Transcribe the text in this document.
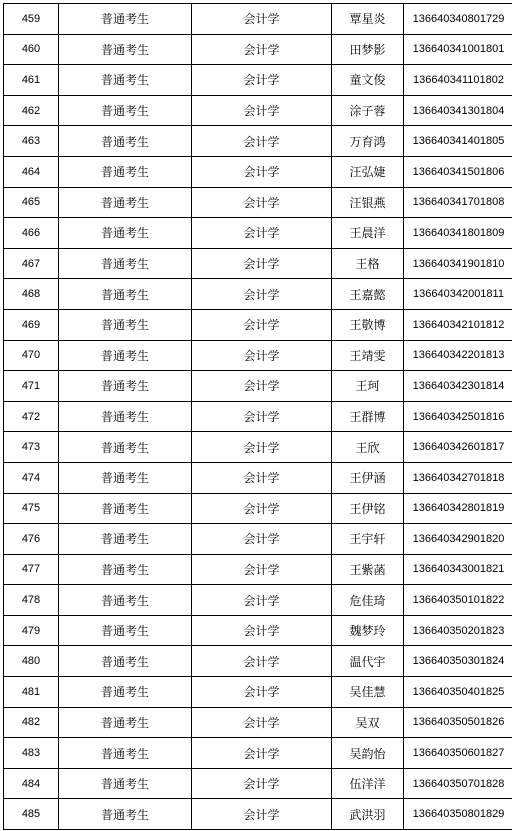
459	普通考生	会计学	覃星炎	136640340801729
460	普通考生	会计学	田梦影	136640341001801
461	普通考生	会计学	童文俊	136640341101802
462	普通考生	会计学	涂子蓉	136640341301804
463	普通考生	会计学	万育鸿	136640341401805
464	普通考生	会计学	汪弘婕	136640341501806
465	普通考生	会计学	汪银燕	136640341701808
466	普通考生	会计学	王晨洋	136640341801809
467	普通考生	会计学	王格	136640341901810
468	普通考生	会计学	王嘉懿	136640342001811
469	普通考生	会计学	王敬博	136640342101812
470	普通考生	会计学	王靖雯	136640342201813
471	普通考生	会计学	王珂	136640342301814
472	普通考生	会计学	王群博	136640342501816
473	普通考生	会计学	王欣	136640342601817
474	普通考生	会计学	王伊涵	136640342701818
475	普通考生	会计学	王伊铭	136640342801819
476	普通考生	会计学	王宇轩	136640342901820
477	普通考生	会计学	王紫菡	136640343001821
478	普通考生	会计学	危佳琦	136640350101822
479	普通考生	会计学	魏梦玲	136640350201823
480	普通考生	会计学	温代宇	136640350301824
481	普通考生	会计学	吴佳慧	136640350401825
482	普通考生	会计学	吴双	136640350501826
483	普通考生	会计学	吴韵怡	136640350601827
484	普通考生	会计学	伍洋洋	136640350701828
485	普通考生	会计学	武洪羽	136640350801829
